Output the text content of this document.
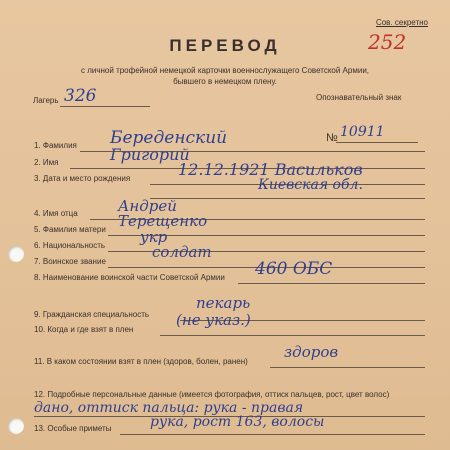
Сов. секретно
252
ПЕРЕВОД
с личной трофейной немецкой карточки военнослужащего Советской Армии,
бывшего в немецком плену.
Лагерь 326	Опознавательный знак
№ 10911
1. Фамилия Береденский
2. Имя	Григорий
3. Дата и место рождения	12.12.1921 Васильков
Киевская обл.
4. Имя отца	Андрей
5. Фамилия матери Терещенко
6. Национальность укр
7. Воинское звание
солдат
8. Наименование воинской части Советской Армии 460 ОБС
9. Гражданская специальность
пекарь
10. Когда и где взят в плен
(не указ.)
11. В каком состоянии взят в плен (здоров, болен, ранен)
здоров
12. Подробные персональные данные (имеется фотография, оттиск пальцев, рост, цвет волос)
дано, оттиск пальца: рука - правая
13. Особые приметы	рука, рост 163, волосы
